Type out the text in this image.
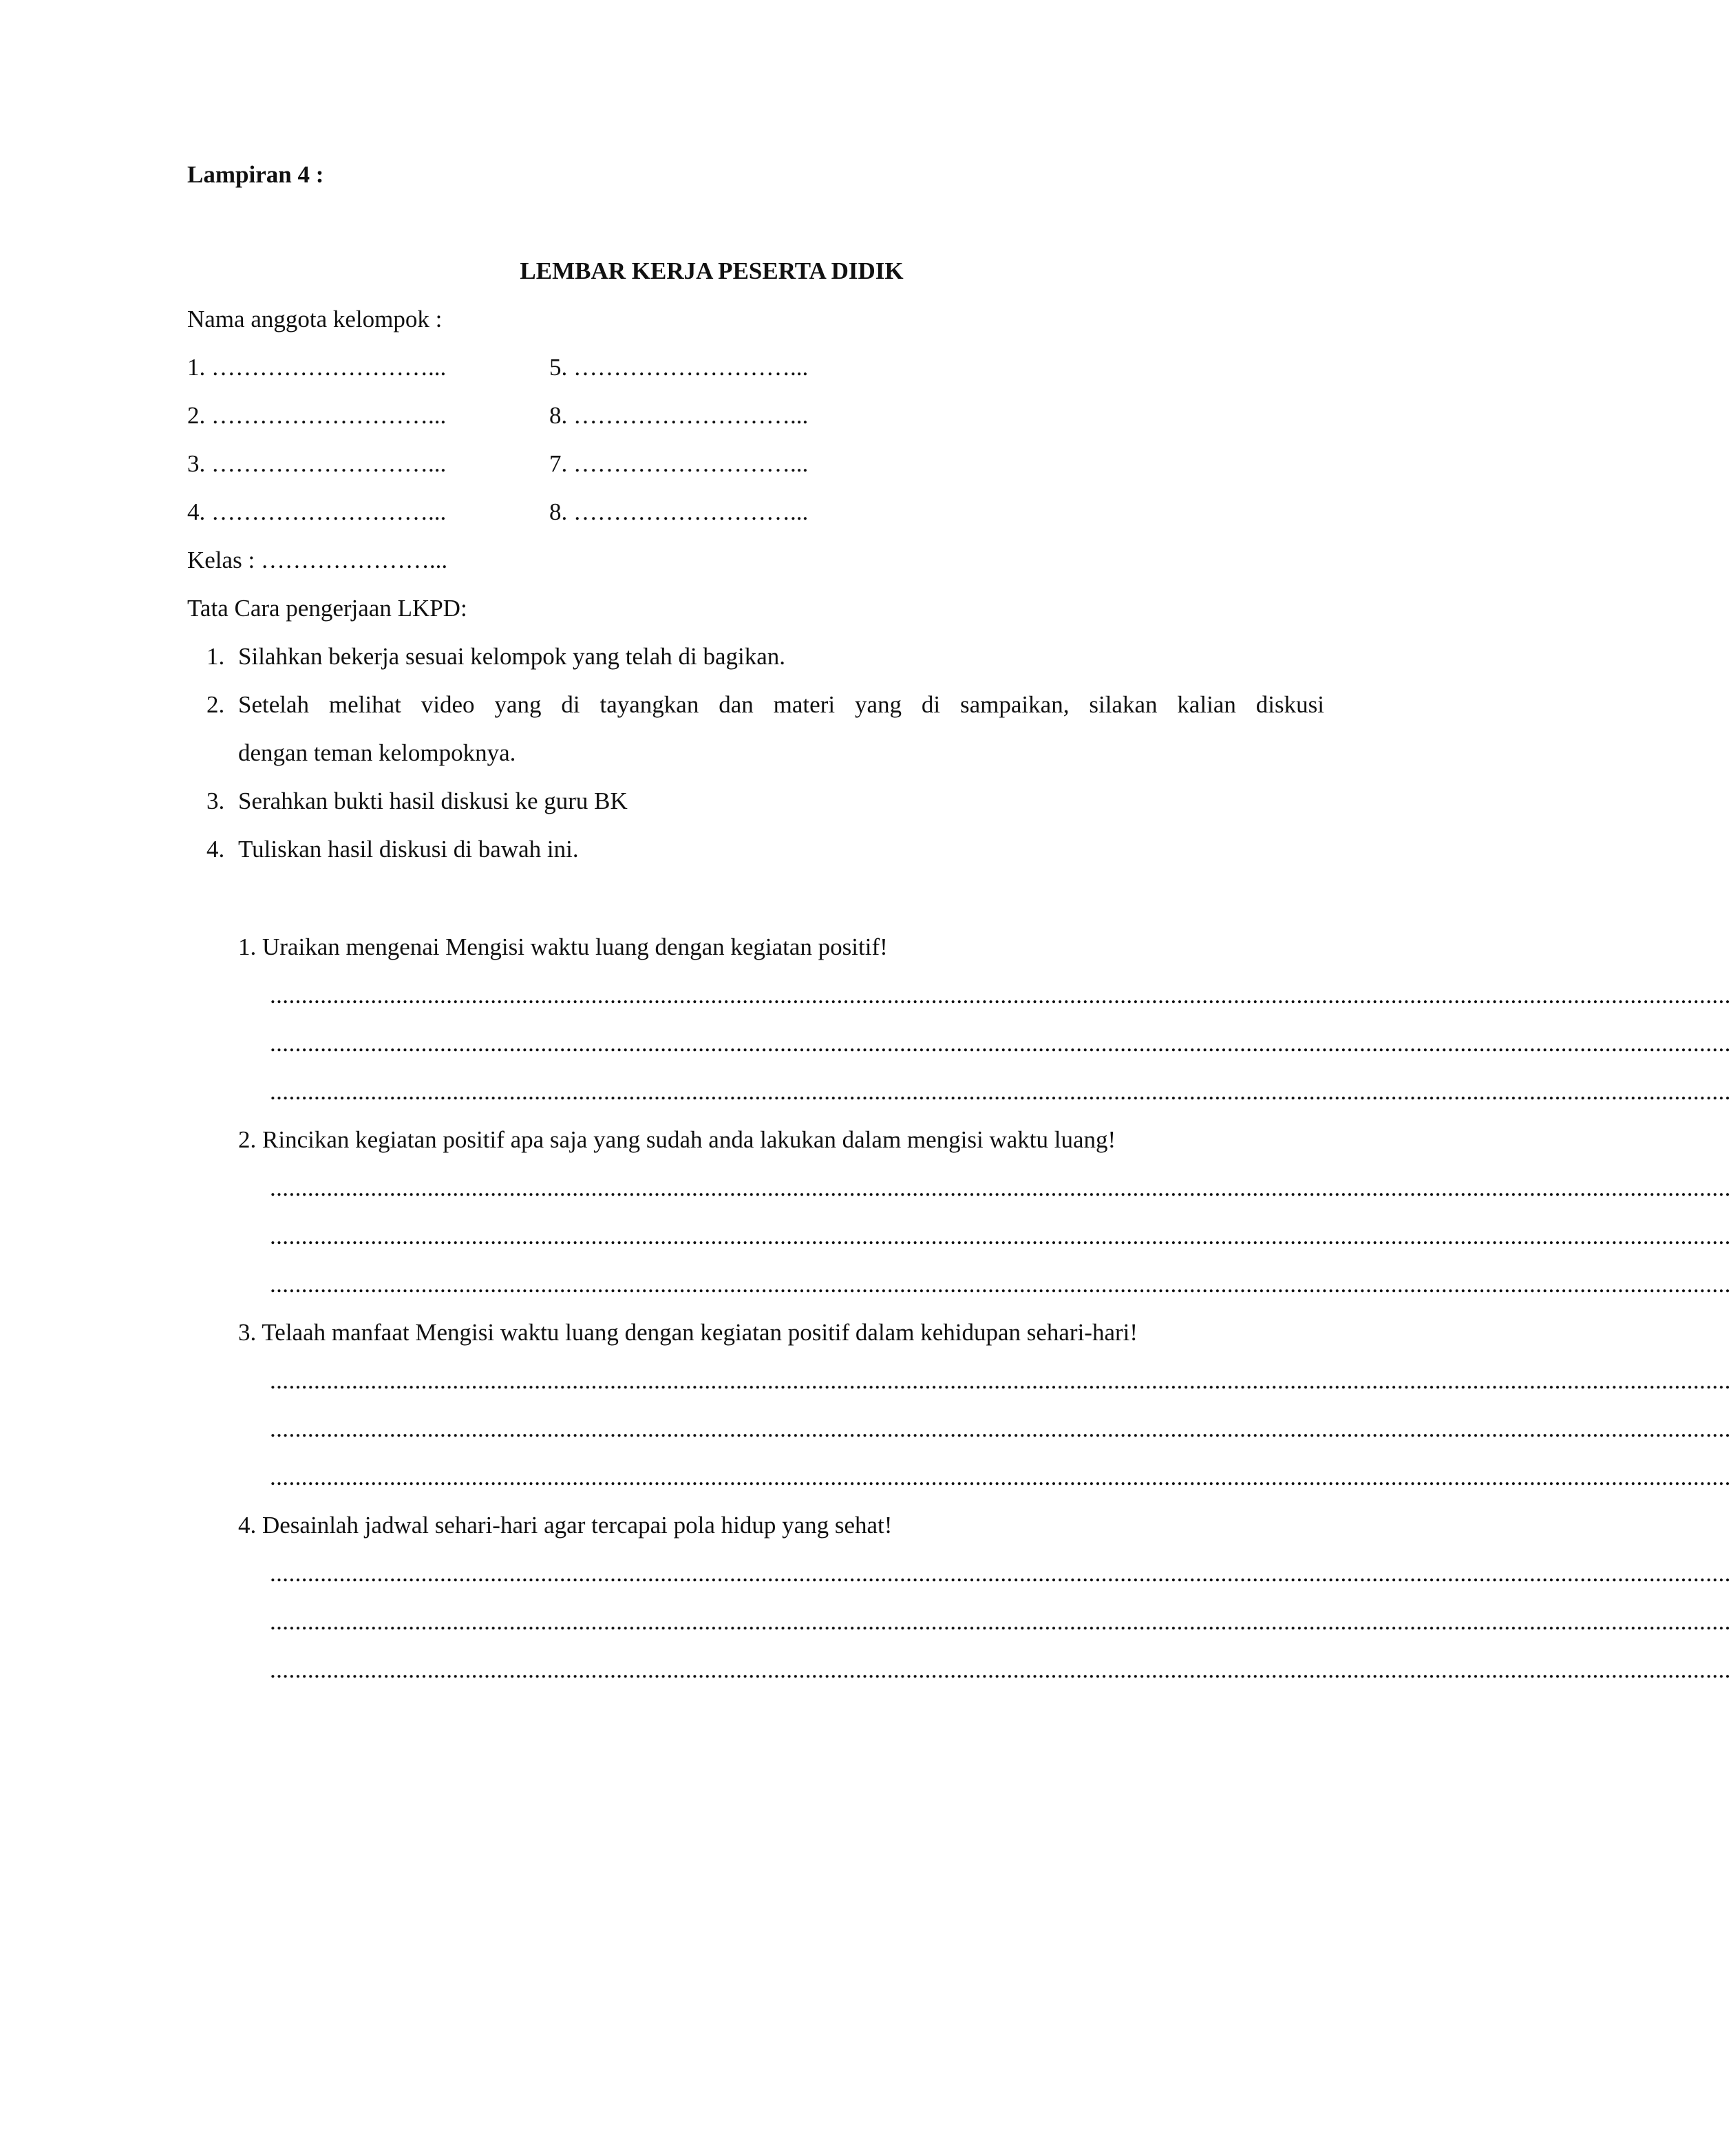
Lampiran 4 :
LEMBAR KERJA PESERTA DIDIK
Nama anggota kelompok :
1. ………………………...	5. ………………………...
2. ………………………...	8. ………………………...
3. ………………………...	7. ………………………...
4. ………………………...	8. ………………………...
Kelas : …………………...
Tata Cara pengerjaan LKPD:
1. Silahkan bekerja sesuai kelompok yang telah di bagikan.
2. Setelah melihat video yang di tayangkan dan materi yang di sampaikan, silakan kalian diskusi
dengan teman kelompoknya.
3. Serahkan bukti hasil diskusi ke guru BK
4. Tuliskan hasil diskusi di bawah ini.
1. Uraikan mengenai Mengisi waktu luang dengan kegiatan positif!
........................................................................................................................................................................................................................................
........................................................................................................................................................................................................................................
........................................................................................................................................................................................................................................
2. Rincikan kegiatan positif apa saja yang sudah anda lakukan dalam mengisi waktu luang!
........................................................................................................................................................................................................................................
........................................................................................................................................................................................................................................
........................................................................................................................................................................................................................................
3. Telaah manfaat Mengisi waktu luang dengan kegiatan positif dalam kehidupan sehari-hari!
........................................................................................................................................................................................................................................
........................................................................................................................................................................................................................................
........................................................................................................................................................................................................................................
4. Desainlah jadwal sehari-hari agar tercapai pola hidup yang sehat!
........................................................................................................................................................................................................................................
........................................................................................................................................................................................................................................
........................................................................................................................................................................................................................................
